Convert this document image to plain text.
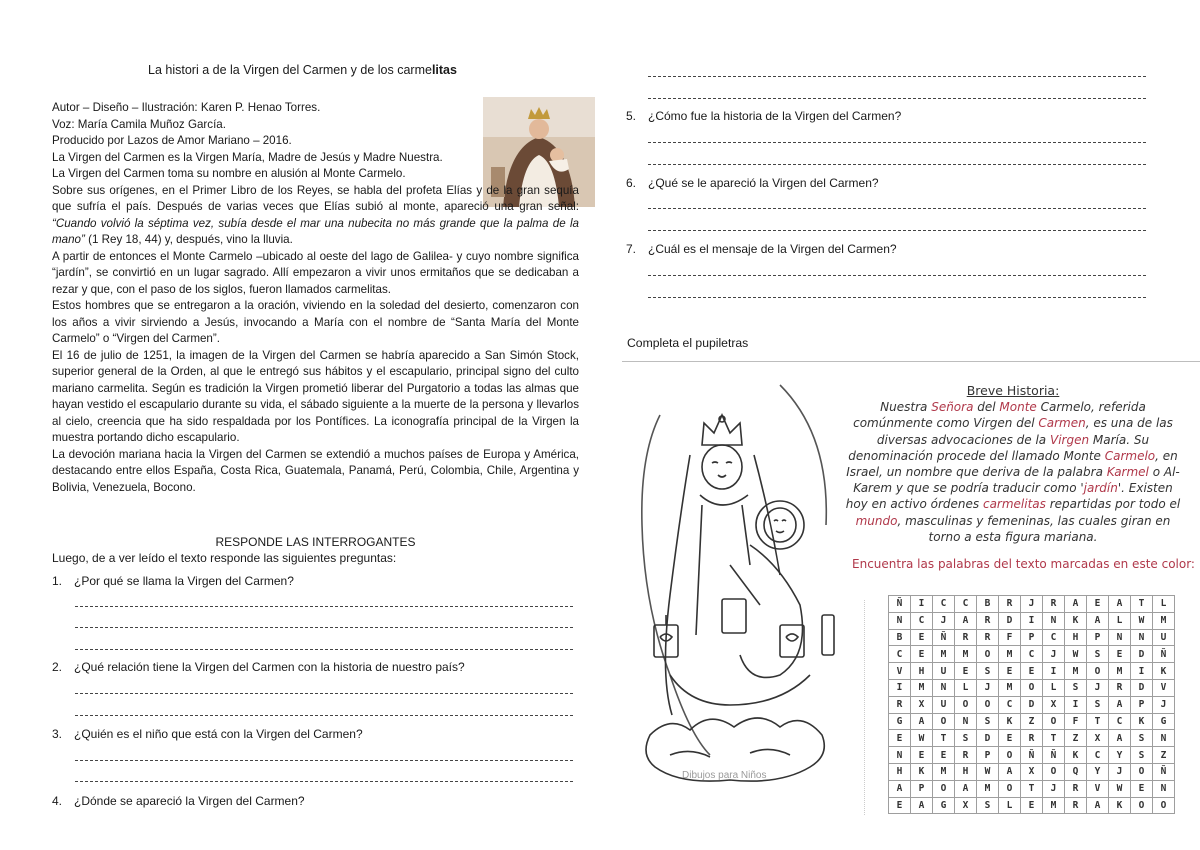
La histori a de la Virgen del Carmen y de los carmelitas

Autor – Diseño – Ilustración: Karen P. Henao Torres.

Voz: María Camila Muñoz García.

Producido por Lazos de Amor Mariano – 2016.

La Virgen del Carmen es la Virgen María, Madre de Jesús y Madre Nuestra.

La Virgen del Carmen toma su nombre en alusión al Monte Carmelo.

Sobre sus orígenes, en el Primer Libro de los Reyes, se habla del profeta Elías y de la gran sequía que sufría el país. Después de varias veces que Elías subió al monte, apareció una gran señal: “Cuando volvió la séptima vez, subía desde el mar una nubecita no más grande que la palma de la mano” (1 Rey 18, 44) y, después, vino la lluvia.

A partir de entonces el Monte Carmelo –ubicado al oeste del lago de Galilea- y cuyo nombre significa “jardín”, se convirtió en un lugar sagrado. Allí empezaron a vivir unos ermitaños que se dedicaban a rezar y que, con el paso de los siglos, fueron llamados carmelitas.

Estos hombres que se entregaron a la oración, viviendo en la soledad del desierto, comenzaron con los años a vivir sirviendo a Jesús, invocando a María con el nombre de “Santa María del Monte Carmelo” o “Virgen del Carmen”.

El 16 de julio de 1251, la imagen de la Virgen del Carmen se habría aparecido a San Simón Stock, superior general de la Orden, al que le entregó sus hábitos y el escapulario, principal signo del culto mariano carmelita. Según es tradición la Virgen prometió liberar del Purgatorio a todas las almas que hayan vestido el escapulario durante su vida, el sábado siguiente a la muerte de la persona y llevarlos al cielo, creencia que ha sido respaldada por los Pontífices. La iconografía principal de la Virgen la muestra portando dicho escapulario.

La devoción mariana hacia la Virgen del Carmen se extendió a muchos países de Europa y América, destacando entre ellos España, Costa Rica, Guatemala, Panamá, Perú, Colombia, Chile, Argentina y Bolivia, Venezuela, Bocono.

RESPONDE LAS INTERROGANTES
Luego, de a ver leído el texto responde las siguientes preguntas:
1. ¿Por qué se llama la Virgen del Carmen?
2. ¿Qué relación tiene la Virgen del Carmen con la historia de nuestro país?
3. ¿Quién es el niño que está con la Virgen del Carmen?
4. ¿Dónde se apareció la Virgen del Carmen?
5. ¿Cómo fue la historia de la Virgen del Carmen?
6. ¿Qué se le apareció la Virgen del Carmen?
7. ¿Cuál es el mensaje de la Virgen del Carmen?
Completa el pupiletras
Dibujos para Niños
Breve Historia:
Nuestra Señora del Monte Carmelo, referida comúnmente como Virgen del Carmen, es una de las diversas advocaciones de la Virgen María. Su denominación procede del llamado Monte Carmelo, en Israel, un nombre que deriva de la palabra Karmel o Al-Karem y que se podría traducir como 'jardín'. Existen hoy en activo órdenes carmelitas repartidas por todo el mundo, masculinas y femeninas, las cuales giran en torno a esta figura mariana.
Encuentra las palabras del texto marcadas en este color:
Ñ	I	C	C	B	R	J	R	A	E	A	T	L
N	C	J	A	R	D	I	N	K	A	L	W	M
B	E	Ñ	R	R	F	P	C	H	P	N	N	U
C	E	M	M	O	M	C	J	W	S	E	D	Ñ
V	H	U	E	S	E	E	I	M	O	M	I	K
I	M	N	L	J	M	O	L	S	J	R	D	V
R	X	U	O	O	C	D	X	I	S	A	P	J
G	A	O	N	S	K	Z	O	F	T	C	K	G
E	W	T	S	D	E	R	T	Z	X	A	S	N
N	E	E	R	P	O	Ñ	Ñ	K	C	Y	S	Z
H	K	M	H	W	A	X	O	Q	Y	J	O	Ñ
A	P	O	A	M	O	T	J	R	V	W	E	N
E	A	G	X	S	L	E	M	R	A	K	O	O
